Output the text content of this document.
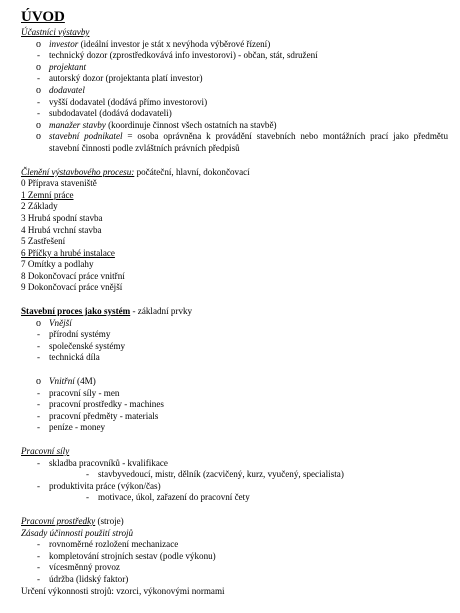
ÚVOD
Účastníci výstavby
o investor (ideální investor je stát x nevýhoda výběrové řízení)
- technický dozor (zprostředkovává info investorovi) - občan, stát, sdružení
o projektant
- autorský dozor (projektanta platí investor)
o dodavatel
- vyšší dodavatel (dodává přímo investorovi)
- subdodavatel (dodává dodavateli)
o manažer stavby (koordinuje činnost všech ostatních na stavbě)
o stavební podnikatel = osoba oprávněna k provádění stavebních nebo montážních prací jako předmětu stavební činnosti podle zvláštních právních předpisů
Členění výstavbového procesu: počáteční, hlavní, dokončovací
0 Příprava staveniště
1 Zemní práce
2 Základy
3 Hrubá spodní stavba
4 Hrubá vrchní stavba
5 Zastřešení
6 Příčky a hrubé instalace
7 Omítky a podlahy
8 Dokončovací práce vnitřní
9 Dokončovací práce vnější
Stavební proces jako systém - základní prvky
o Vnější
- přírodní systémy
- společenské systémy
- technická díla
o Vnitřní (4M)
- pracovní síly - men
- pracovní prostředky - machines
- pracovní předměty - materials
- peníze - money
Pracovní síly
- skladba pracovníků - kvalifikace
- stavbyvedoucí, mistr, dělník (zacvičený, kurz, vyučený, specialista)
- produktivita práce (výkon/čas)
- motivace, úkol, zařazení do pracovní čety
Pracovní prostředky (stroje)
Zásady účinnosti použití strojů
- rovnoměrné rozložení mechanizace
- kompletování strojních sestav (podle výkonu)
- vícesměnný provoz
- údržba (lidský faktor)
Určení výkonnosti strojů: vzorci, výkonovými normami
